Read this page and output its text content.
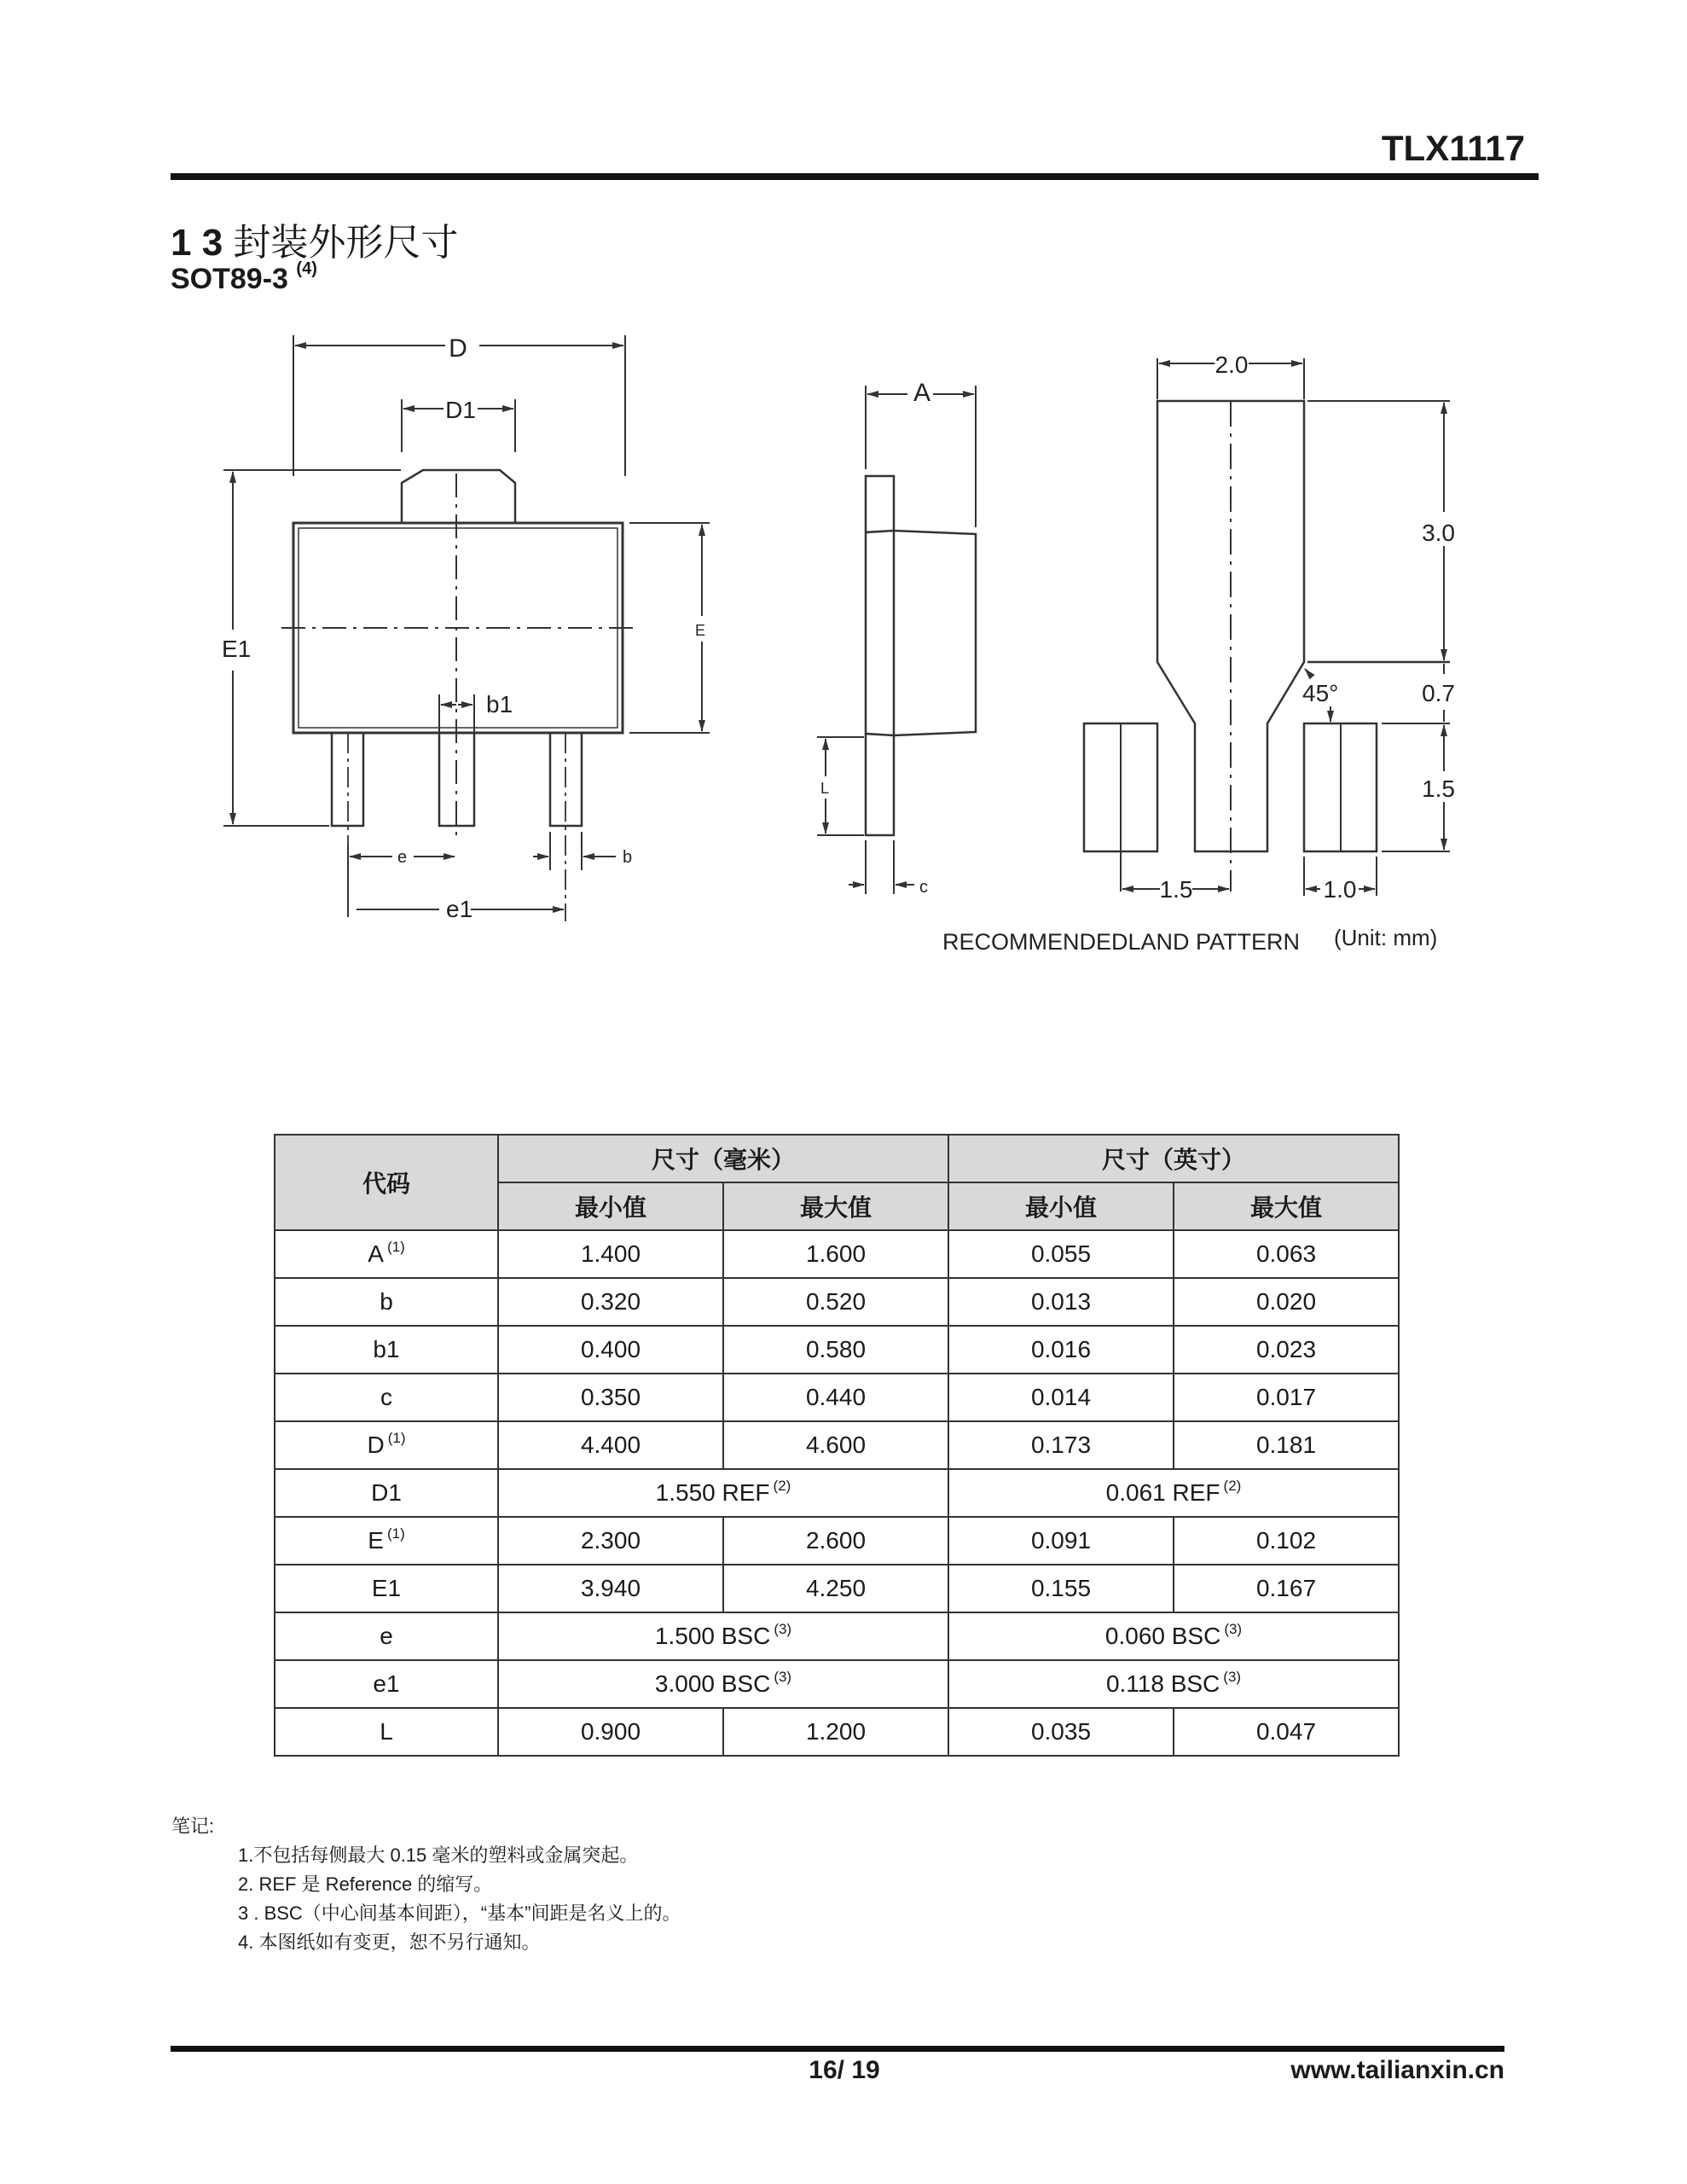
TLX1117
1 3 封装外形尺寸
SOT89-3 $^{(4)}$
D
D1
E1
E
b1
e	b
e1
A
L
c
2.0
3.0
0.7
45°
1.5
1.5	1.0
RECOMMENDEDLAND PATTERN (Unit: mm)
代码	尺寸（毫米）		尺寸（英寸）	
	最小值	最大值	最小值	最大值
A $^{(1)}$	1.400	1.600	0.055	0.063
b	0.320	0.520	0.013	0.020
b1	0.400	0.580	0.016	0.023
c	0.350	0.440	0.014	0.017
D $^{(1)}$	4.400	4.600	0.173	0.181
D1	1.550 REF $^{(2)}$		0.061 REF $^{(2)}$
E $^{(1)}$	2.300	2.600	0.091	0.102
E1	3.940	4.250	0.155	0.167
e	1.500 BSC $^{(3)}$		0.060 BSC $^{(3)}$
e1	3.000 BSC $^{(3)}$		0.118 BSC $^{(3)}$
L	0.900	1.200	0.035	0.047
笔记:
1.不包括每侧最大 0.15 毫米的塑料或金属突起。
2. REF 是 Reference 的缩写。
3 . BSC（中心间基本间距），“基本”间距是名义上的。
4. 本图纸如有变更，恕不另行通知。
16/ 19	www.tailianxin.cn
